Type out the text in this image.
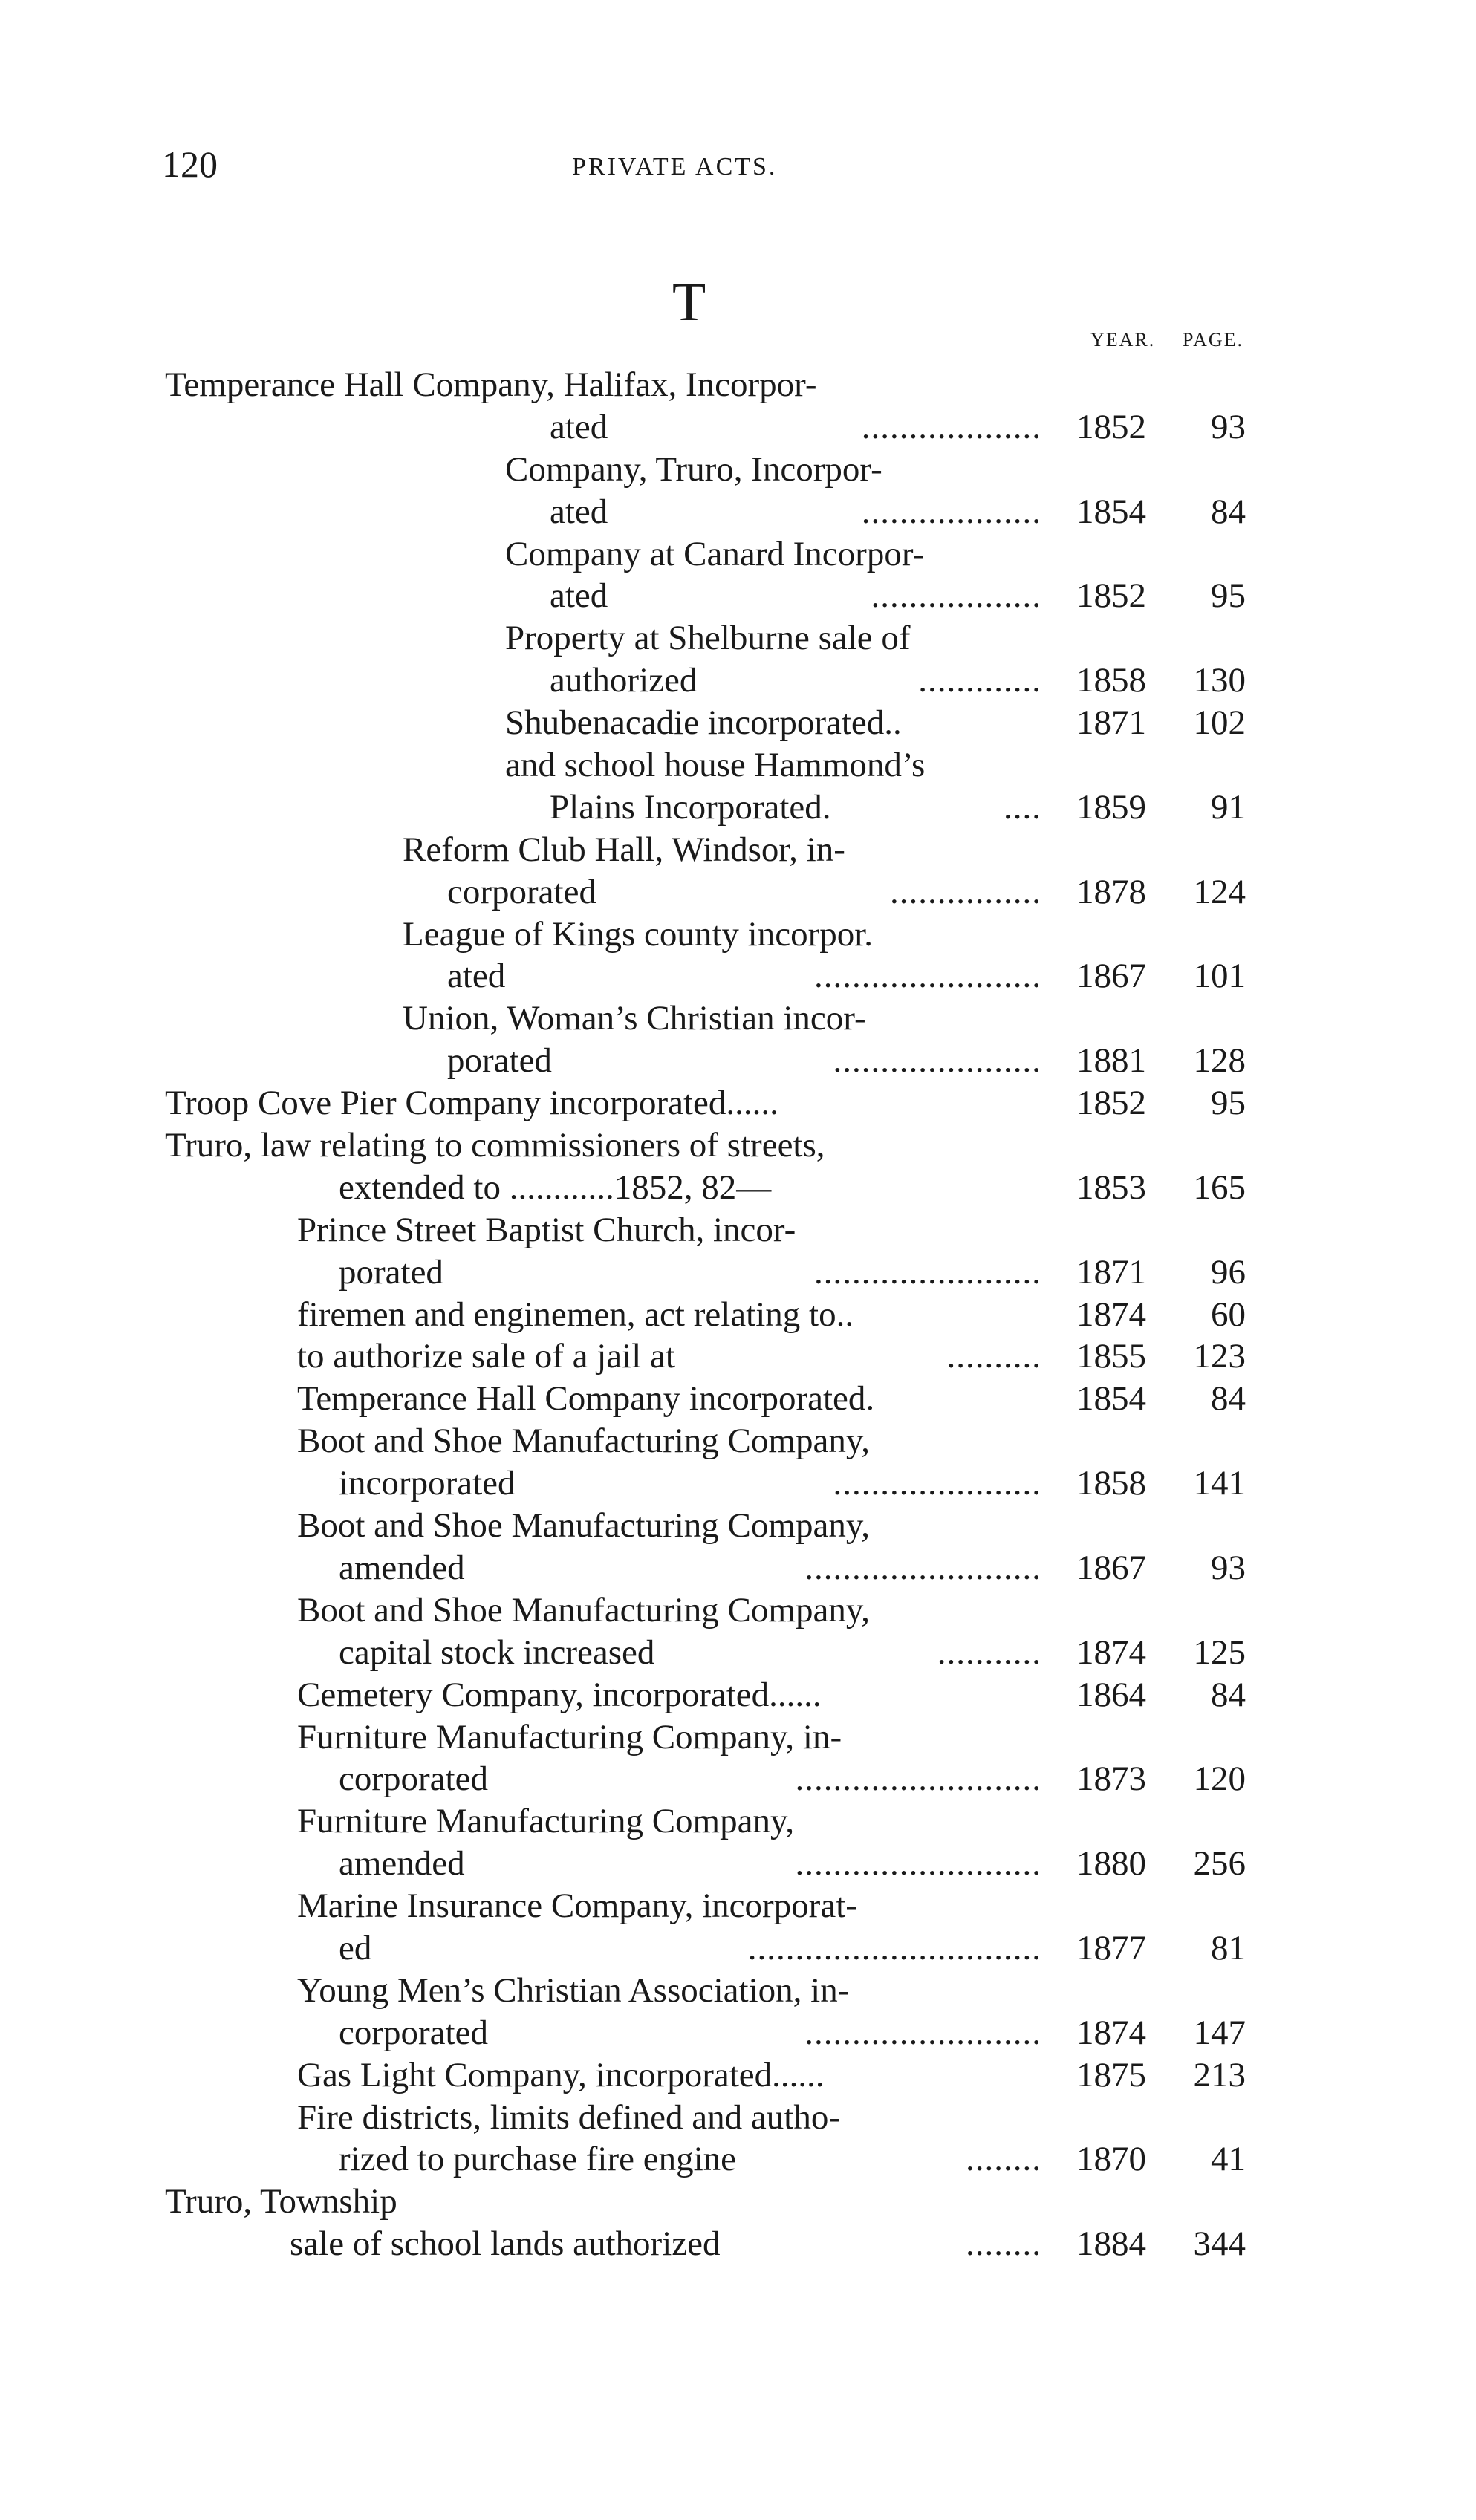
120	PRIVATE ACTS.
T
YEAR. PAGE.
Temperance Hall Company, Halifax, Incorpor-
ated	...................	1852	93
Company, Truro, Incorpor-
ated	...................	1854	84
Company at Canard Incorpor-
ated	..................	1852	95
Property at Shelburne sale of
authorized	.............	1858	130
Shubenacadie incorporated..	1871	102
and school house Hammond’s
Plains Incorporated.	....	1859	91
Reform Club Hall, Windsor, in-
corporated	................	1878	124
League of Kings county incorpor.
ated	........................	1867	101
Union, Woman’s Christian incor-
porated	......................	1881	128
Troop Cove Pier Company incorporated......	1852	95
Truro, law relating to commissioners of streets,
extended to ............1852, 82—	1853	165
Prince Street Baptist Church, incor-
porated	........................	1871	96
firemen and enginemen, act relating to..	1874	60
to authorize sale of a jail at	..........	1855	123
Temperance Hall Company incorporated.	1854	84
Boot and Shoe Manufacturing Company,
incorporated	......................	1858	141
Boot and Shoe Manufacturing Company,
amended	.........................	1867	93
Boot and Shoe Manufacturing Company,
capital stock increased	...........	1874	125
Cemetery Company, incorporated......	1864	84
Furniture Manufacturing Company, in-
corporated	..........................	1873	120
Furniture Manufacturing Company,
amended	..........................	1880	256
Marine Insurance Company, incorporat-
ed	...............................	1877	81
Young Men’s Christian Association, in-
corporated	.........................	1874	147
Gas Light Company, incorporated......	1875	213
Fire districts, limits defined and autho-
rized to purchase fire engine	........	1870	41
Truro, Township
sale of school lands authorized	........	1884	344
